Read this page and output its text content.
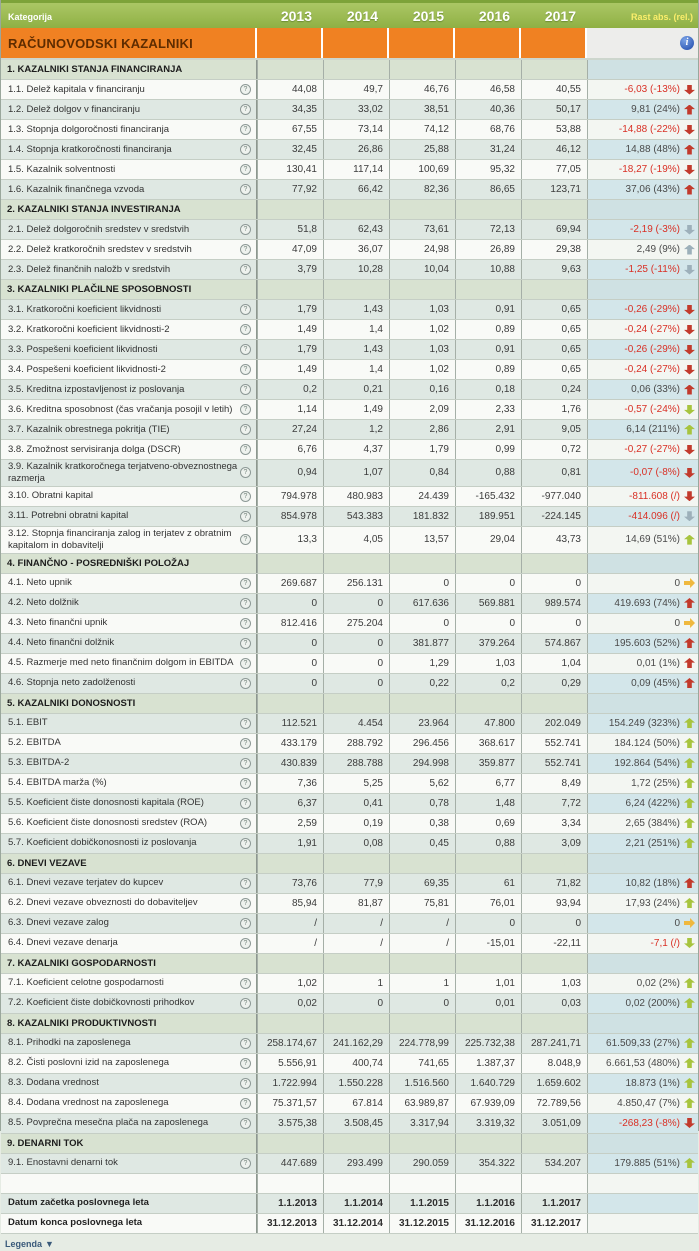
Kategorija	2013	2014	2015	2016	2017	Rast abs. (rel.)
RAČUNOVODSKI KAZALNIKI	i
1. KAZALNIKI STANJA FINANCIRANJA
1.1. Delež kapitala v financiranju	?	44,08	49,7	46,76	46,58	40,55	-6,03 (-13%)
1.2. Delež dolgov v financiranju	?	34,35	33,02	38,51	40,36	50,17	9,81 (24%)
1.3. Stopnja dolgoročnosti financiranja	?	67,55	73,14	74,12	68,76	53,88	-14,88 (-22%)
1.4. Stopnja kratkoročnosti financiranja	?	32,45	26,86	25,88	31,24	46,12	14,88 (48%)
1.5. Kazalnik solventnosti	?	130,41	117,14	100,69	95,32	77,05	-18,27 (-19%)
1.6. Kazalnik finančnega vzvoda	?	77,92	66,42	82,36	86,65	123,71	37,06 (43%)
2. KAZALNIKI STANJA INVESTIRANJA
2.1. Delež dolgoročnih sredstev v sredstvih	?	51,8	62,43	73,61	72,13	69,94	-2,19 (-3%)
2.2. Delež kratkoročnih sredstev v sredstvih	?	47,09	36,07	24,98	26,89	29,38	2,49 (9%)
2.3. Delež finančnih naložb v sredstvih	?	3,79	10,28	10,04	10,88	9,63	-1,25 (-11%)
3. KAZALNIKI PLAČILNE SPOSOBNOSTI
3.1. Kratkoročni koeficient likvidnosti	?	1,79	1,43	1,03	0,91	0,65	-0,26 (-29%)
3.2. Kratkoročni koeficient likvidnosti-2	?	1,49	1,4	1,02	0,89	0,65	-0,24 (-27%)
3.3. Pospešeni koeficient likvidnosti	?	1,79	1,43	1,03	0,91	0,65	-0,26 (-29%)
3.4. Pospešeni koeficient likvidnosti-2	?	1,49	1,4	1,02	0,89	0,65	-0,24 (-27%)
3.5. Kreditna izpostavljenost iz poslovanja	?	0,2	0,21	0,16	0,18	0,24	0,06 (33%)
3.6. Kreditna sposobnost (čas vračanja posojil v letih)	?	1,14	1,49	2,09	2,33	1,76	-0,57 (-24%)
3.7. Kazalnik obrestnega pokritja (TIE)	?	27,24	1,2	2,86	2,91	9,05	6,14 (211%)
3.8. Zmožnost servisiranja dolga (DSCR)	?	6,76	4,37	1,79	0,99	0,72	-0,27 (-27%)
3.9. Kazalnik kratkoročnega terjatveno-obveznostnega razmerja	?	0,94	1,07	0,84	0,88	0,81	-0,07 (-8%)
3.10. Obratni kapital	?	794.978	480.983	24.439	-165.432	-977.040	-811.608 (/)
3.11. Potrebni obratni kapital	?	854.978	543.383	181.832	189.951	-224.145	-414.096 (/)
3.12. Stopnja financiranja zalog in terjatev z obratnim kapitalom in dobavitelji	?	13,3	4,05	13,57	29,04	43,73	14,69 (51%)
4. FINANČNO - POSREDNIŠKI POLOŽAJ
4.1. Neto upnik	?	269.687	256.131	0	0	0	0
4.2. Neto dolžnik	?	0	0	617.636	569.881	989.574	419.693 (74%)
4.3. Neto finančni upnik	?	812.416	275.204	0	0	0	0
4.4. Neto finančni dolžnik	?	0	0	381.877	379.264	574.867	195.603 (52%)
4.5. Razmerje med neto finančnim dolgom in EBITDA	?	0	0	1,29	1,03	1,04	0,01 (1%)
4.6. Stopnja neto zadolženosti	?	0	0	0,22	0,2	0,29	0,09 (45%)
5. KAZALNIKI DONOSNOSTI
5.1. EBIT	?	112.521	4.454	23.964	47.800	202.049	154.249 (323%)
5.2. EBITDA	?	433.179	288.792	296.456	368.617	552.741	184.124 (50%)
5.3. EBITDA-2	?	430.839	288.788	294.998	359.877	552.741	192.864 (54%)
5.4. EBITDA marža (%)	?	7,36	5,25	5,62	6,77	8,49	1,72 (25%)
5.5. Koeficient čiste donosnosti kapitala (ROE)	?	6,37	0,41	0,78	1,48	7,72	6,24 (422%)
5.6. Koeficient čiste donosnosti sredstev (ROA)	?	2,59	0,19	0,38	0,69	3,34	2,65 (384%)
5.7. Koeficient dobičkonosnosti iz poslovanja	?	1,91	0,08	0,45	0,88	3,09	2,21 (251%)
6. DNEVI VEZAVE
6.1. Dnevi vezave terjatev do kupcev	?	73,76	77,9	69,35	61	71,82	10,82 (18%)
6.2. Dnevi vezave obveznosti do dobaviteljev	?	85,94	81,87	75,81	76,01	93,94	17,93 (24%)
6.3. Dnevi vezave zalog	?	/	/	/	0	0	0
6.4. Dnevi vezave denarja	?	/	/	/	-15,01	-22,11	-7,1 (/)
7. KAZALNIKI GOSPODARNOSTI
7.1. Koeficient celotne gospodarnosti	?	1,02	1	1	1,01	1,03	0,02 (2%)
7.2. Koeficient čiste dobičkovnosti prihodkov	?	0,02	0	0	0,01	0,03	0,02 (200%)
8. KAZALNIKI PRODUKTIVNOSTI
8.1. Prihodki na zaposlenega	?	258.174,67	241.162,29	224.778,99	225.732,38	287.241,71	61.509,33 (27%)
8.2. Čisti poslovni izid na zaposlenega	?	5.556,91	400,74	741,65	1.387,37	8.048,9	6.661,53 (480%)
8.3. Dodana vrednost	?	1.722.994	1.550.228	1.516.560	1.640.729	1.659.602	18.873 (1%)
8.4. Dodana vrednost na zaposlenega	?	75.371,57	67.814	63.989,87	67.939,09	72.789,56	4.850,47 (7%)
8.5. Povprečna mesečna plača na zaposlenega	?	3.575,38	3.508,45	3.317,94	3.319,32	3.051,09	-268,23 (-8%)
9. DENARNI TOK
9.1. Enostavni denarni tok	?	447.689	293.499	290.059	354.322	534.207	179.885 (51%)
Datum začetka poslovnega leta	1.1.2013	1.1.2014	1.1.2015	1.1.2016	1.1.2017
Datum konca poslovnega leta	31.12.2013	31.12.2014	31.12.2015	31.12.2016	31.12.2017
Legenda ▼
